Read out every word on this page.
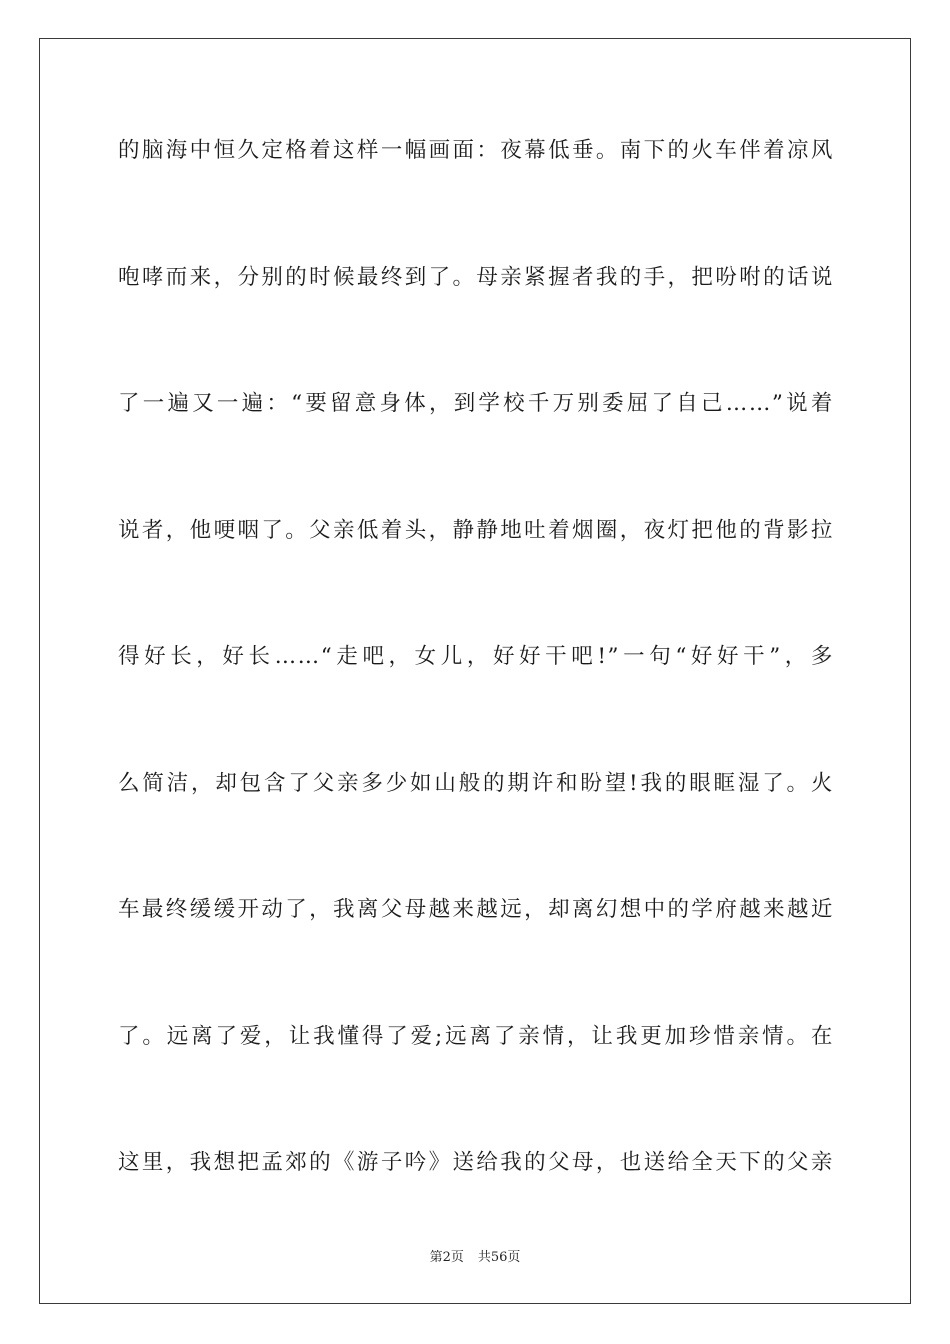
的脑海中恒久定格着这样一幅画面：夜幕低垂。南下的火车伴着凉风
咆哮而来，分别的时候最终到了。母亲紧握者我的手，把吩咐的话说
了一遍又一遍：“要留意身体，到学校千万别委屈了自己……”说着
说者，他哽咽了。父亲低着头，静静地吐着烟圈，夜灯把他的背影拉
得好长，好长……“走吧，女儿，好好干吧!”一句“好好干”，多
么简洁，却包含了父亲多少如山般的期许和盼望!我的眼眶湿了。火
车最终缓缓开动了，我离父母越来越远，却离幻想中的学府越来越近
了。远离了爱，让我懂得了爱;远离了亲情，让我更加珍惜亲情。在
这里，我想把孟郊的《游子吟》送给我的父母，也送给全天下的父亲
第2页 共56页
